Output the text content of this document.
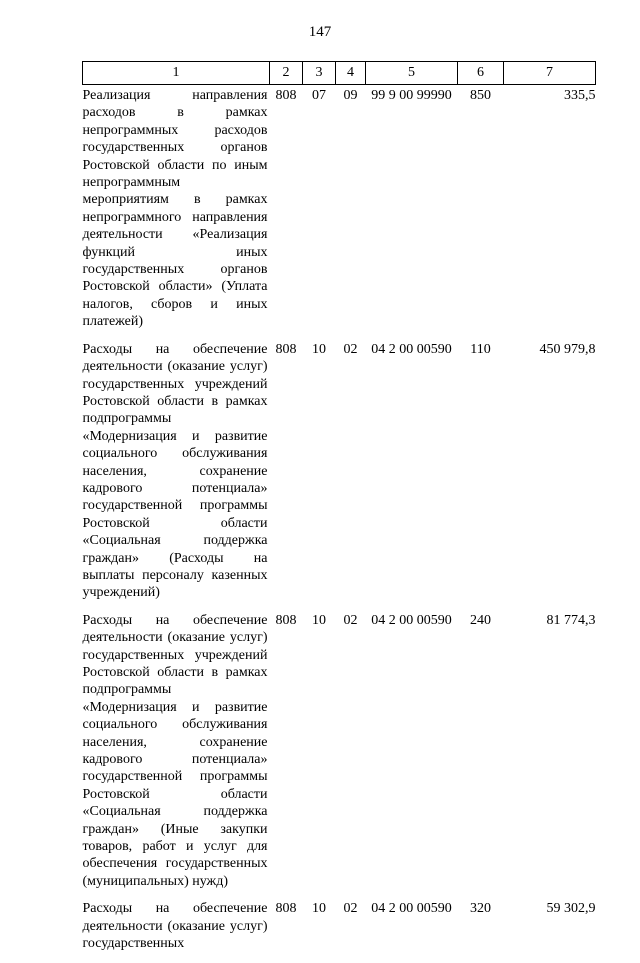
147
1	2	3	4	5	6	7
Реализация направления расходов в рамках непрограммных расходов государственных органов Ростовской области по иным непрограммным мероприятиям в рамках непрограммного направления деятельности «Реализация функций иных государственных органов Ростовской области» (Уплата налогов, сборов и иных платежей)	808	07	09	99 9 00 99990	850	335,5
Расходы на обеспечение деятельности (оказание услуг) государственных учреждений Ростовской области в рамках подпрограммы «Модернизация и развитие социального обслуживания населения, сохранение кадрового потенциала» государственной программы Ростовской области «Социальная поддержка граждан» (Расходы на выплаты персоналу казенных учреждений)	808	10	02	04 2 00 00590	110	450 979,8
Расходы на обеспечение деятельности (оказание услуг) государственных учреждений Ростовской области в рамках подпрограммы «Модернизация и развитие социального обслуживания населения, сохранение кадрового потенциала» государственной программы Ростовской области «Социальная поддержка граждан» (Иные закупки товаров, работ и услуг для обеспечения государственных (муниципальных) нужд)	808	10	02	04 2 00 00590	240	81 774,3
Расходы на обеспечение деятельности (оказание услуг) государственных	808	10	02	04 2 00 00590	320	59 302,9
